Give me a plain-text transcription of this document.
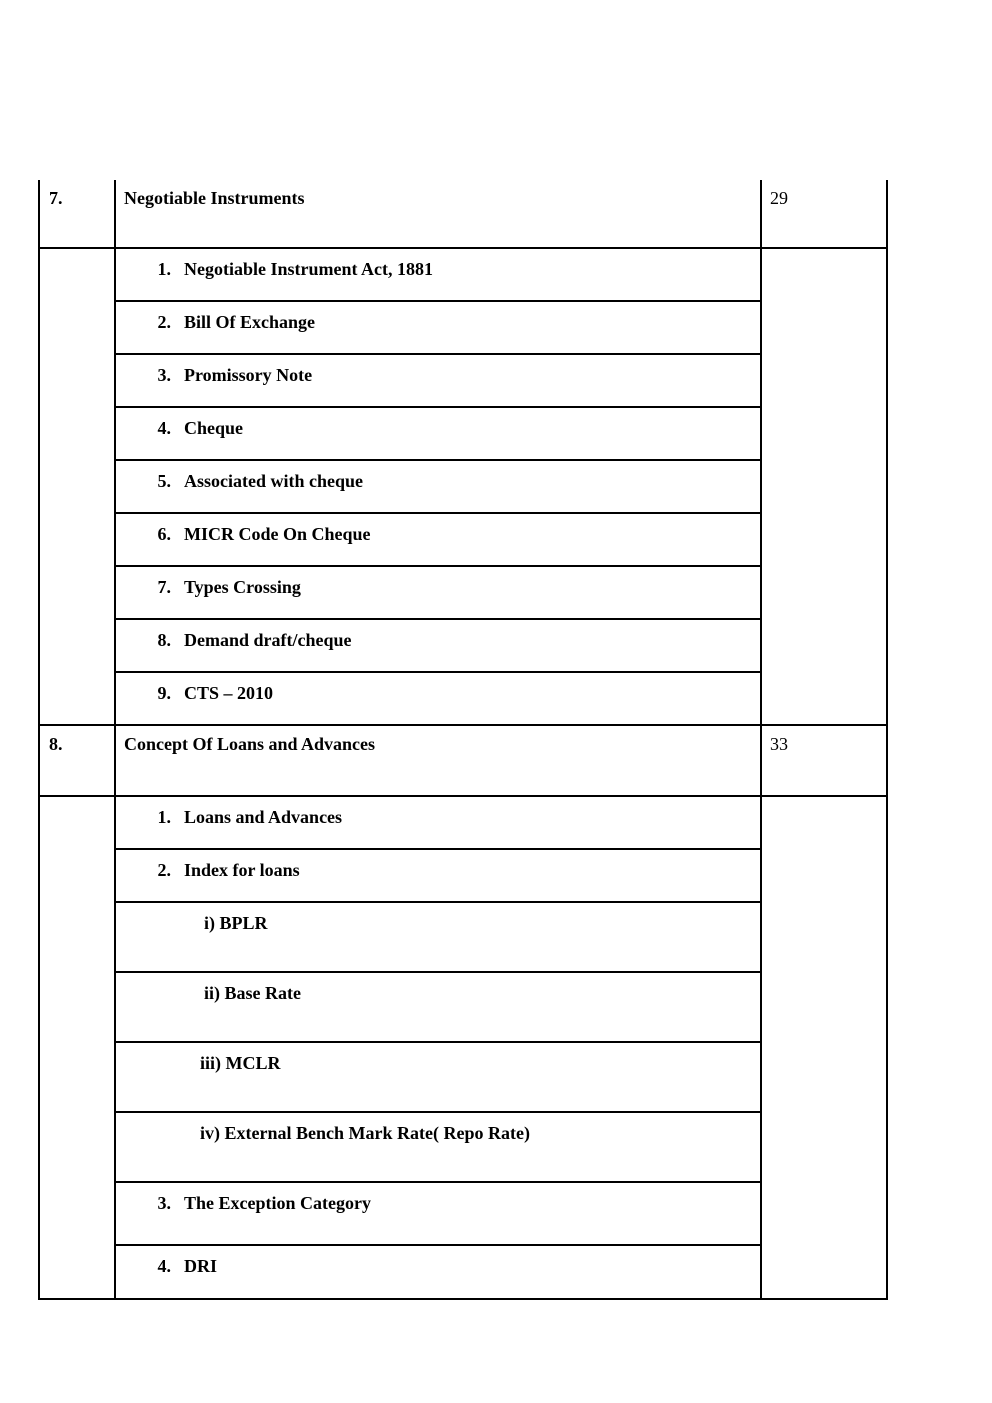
7.	Negotiable Instruments	29
1. Negotiable Instrument Act, 1881
2. Bill Of Exchange
3. Promissory Note
4. Cheque
5. Associated with cheque
6. MICR Code On Cheque
7. Types Crossing
8. Demand draft/cheque
9. CTS – 2010
8.	Concept Of Loans and Advances	33
1. Loans and Advances
2. Index for loans
i) BPLR
ii) Base Rate
iii) MCLR
iv) External Bench Mark Rate( Repo Rate)
3. The Exception Category
4. DRI
